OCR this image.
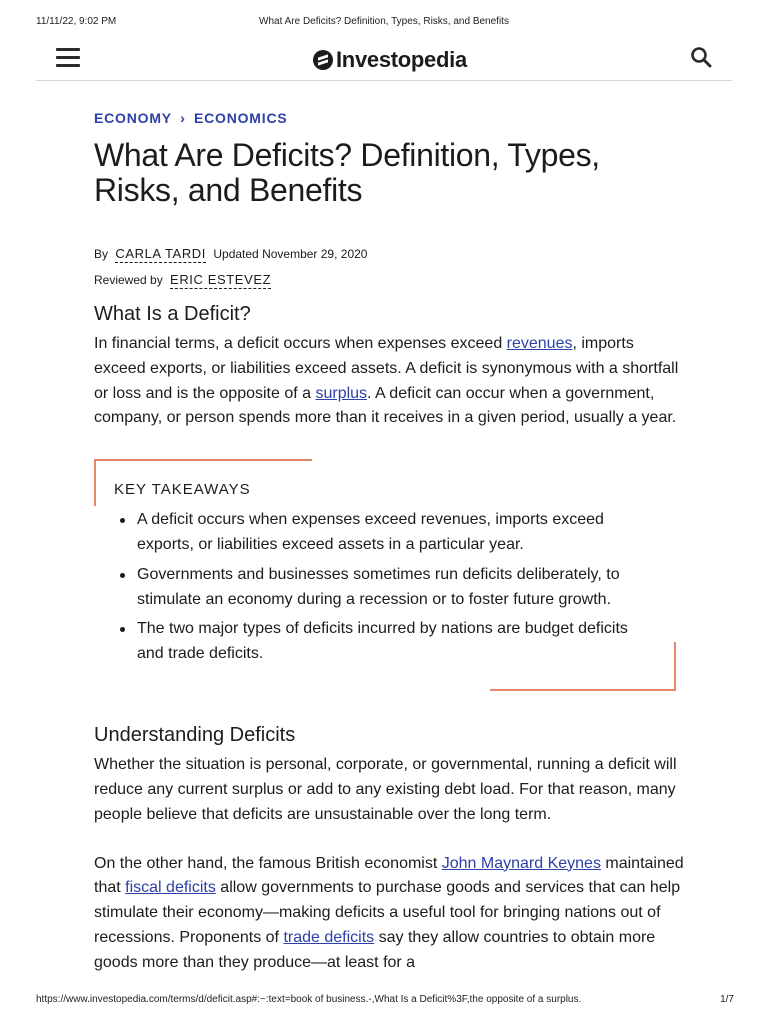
11/11/22, 9:02 PM	What Are Deficits? Definition, Types, Risks, and Benefits
Investopedia
ECONOMY › ECONOMICS
What Are Deficits? Definition, Types, Risks, and Benefits
By CARLA TARDI Updated November 29, 2020
Reviewed by ERIC ESTEVEZ
What Is a Deficit?

In financial terms, a deficit occurs when expenses exceed revenues, imports exceed exports, or liabilities exceed assets. A deficit is synonymous with a shortfall or loss and is the opposite of a surplus. A deficit can occur when a government, company, or person spends more than it receives in a given period, usually a year.

KEY TAKEAWAYS
A deficit occurs when expenses exceed revenues, imports exceed exports, or liabilities exceed assets in a particular year.
Governments and businesses sometimes run deficits deliberately, to stimulate an economy during a recession or to foster future growth.
The two major types of deficits incurred by nations are budget deficits and trade deficits.
Understanding Deficits

Whether the situation is personal, corporate, or governmental, running a deficit will reduce any current surplus or add to any existing debt load. For that reason, many people believe that deficits are unsustainable over the long term.

On the other hand, the famous British economist John Maynard Keynes maintained that fiscal deficits allow governments to purchase goods and services that can help stimulate their economy—making deficits a useful tool for bringing nations out of recessions. Proponents of trade deficits say they allow countries to obtain more goods more than they produce—at least for a

https://www.investopedia.com/terms/d/deficit.asp#:~:text=book of business.-,What Is a Deficit%3F,the opposite of a surplus.	1/7
